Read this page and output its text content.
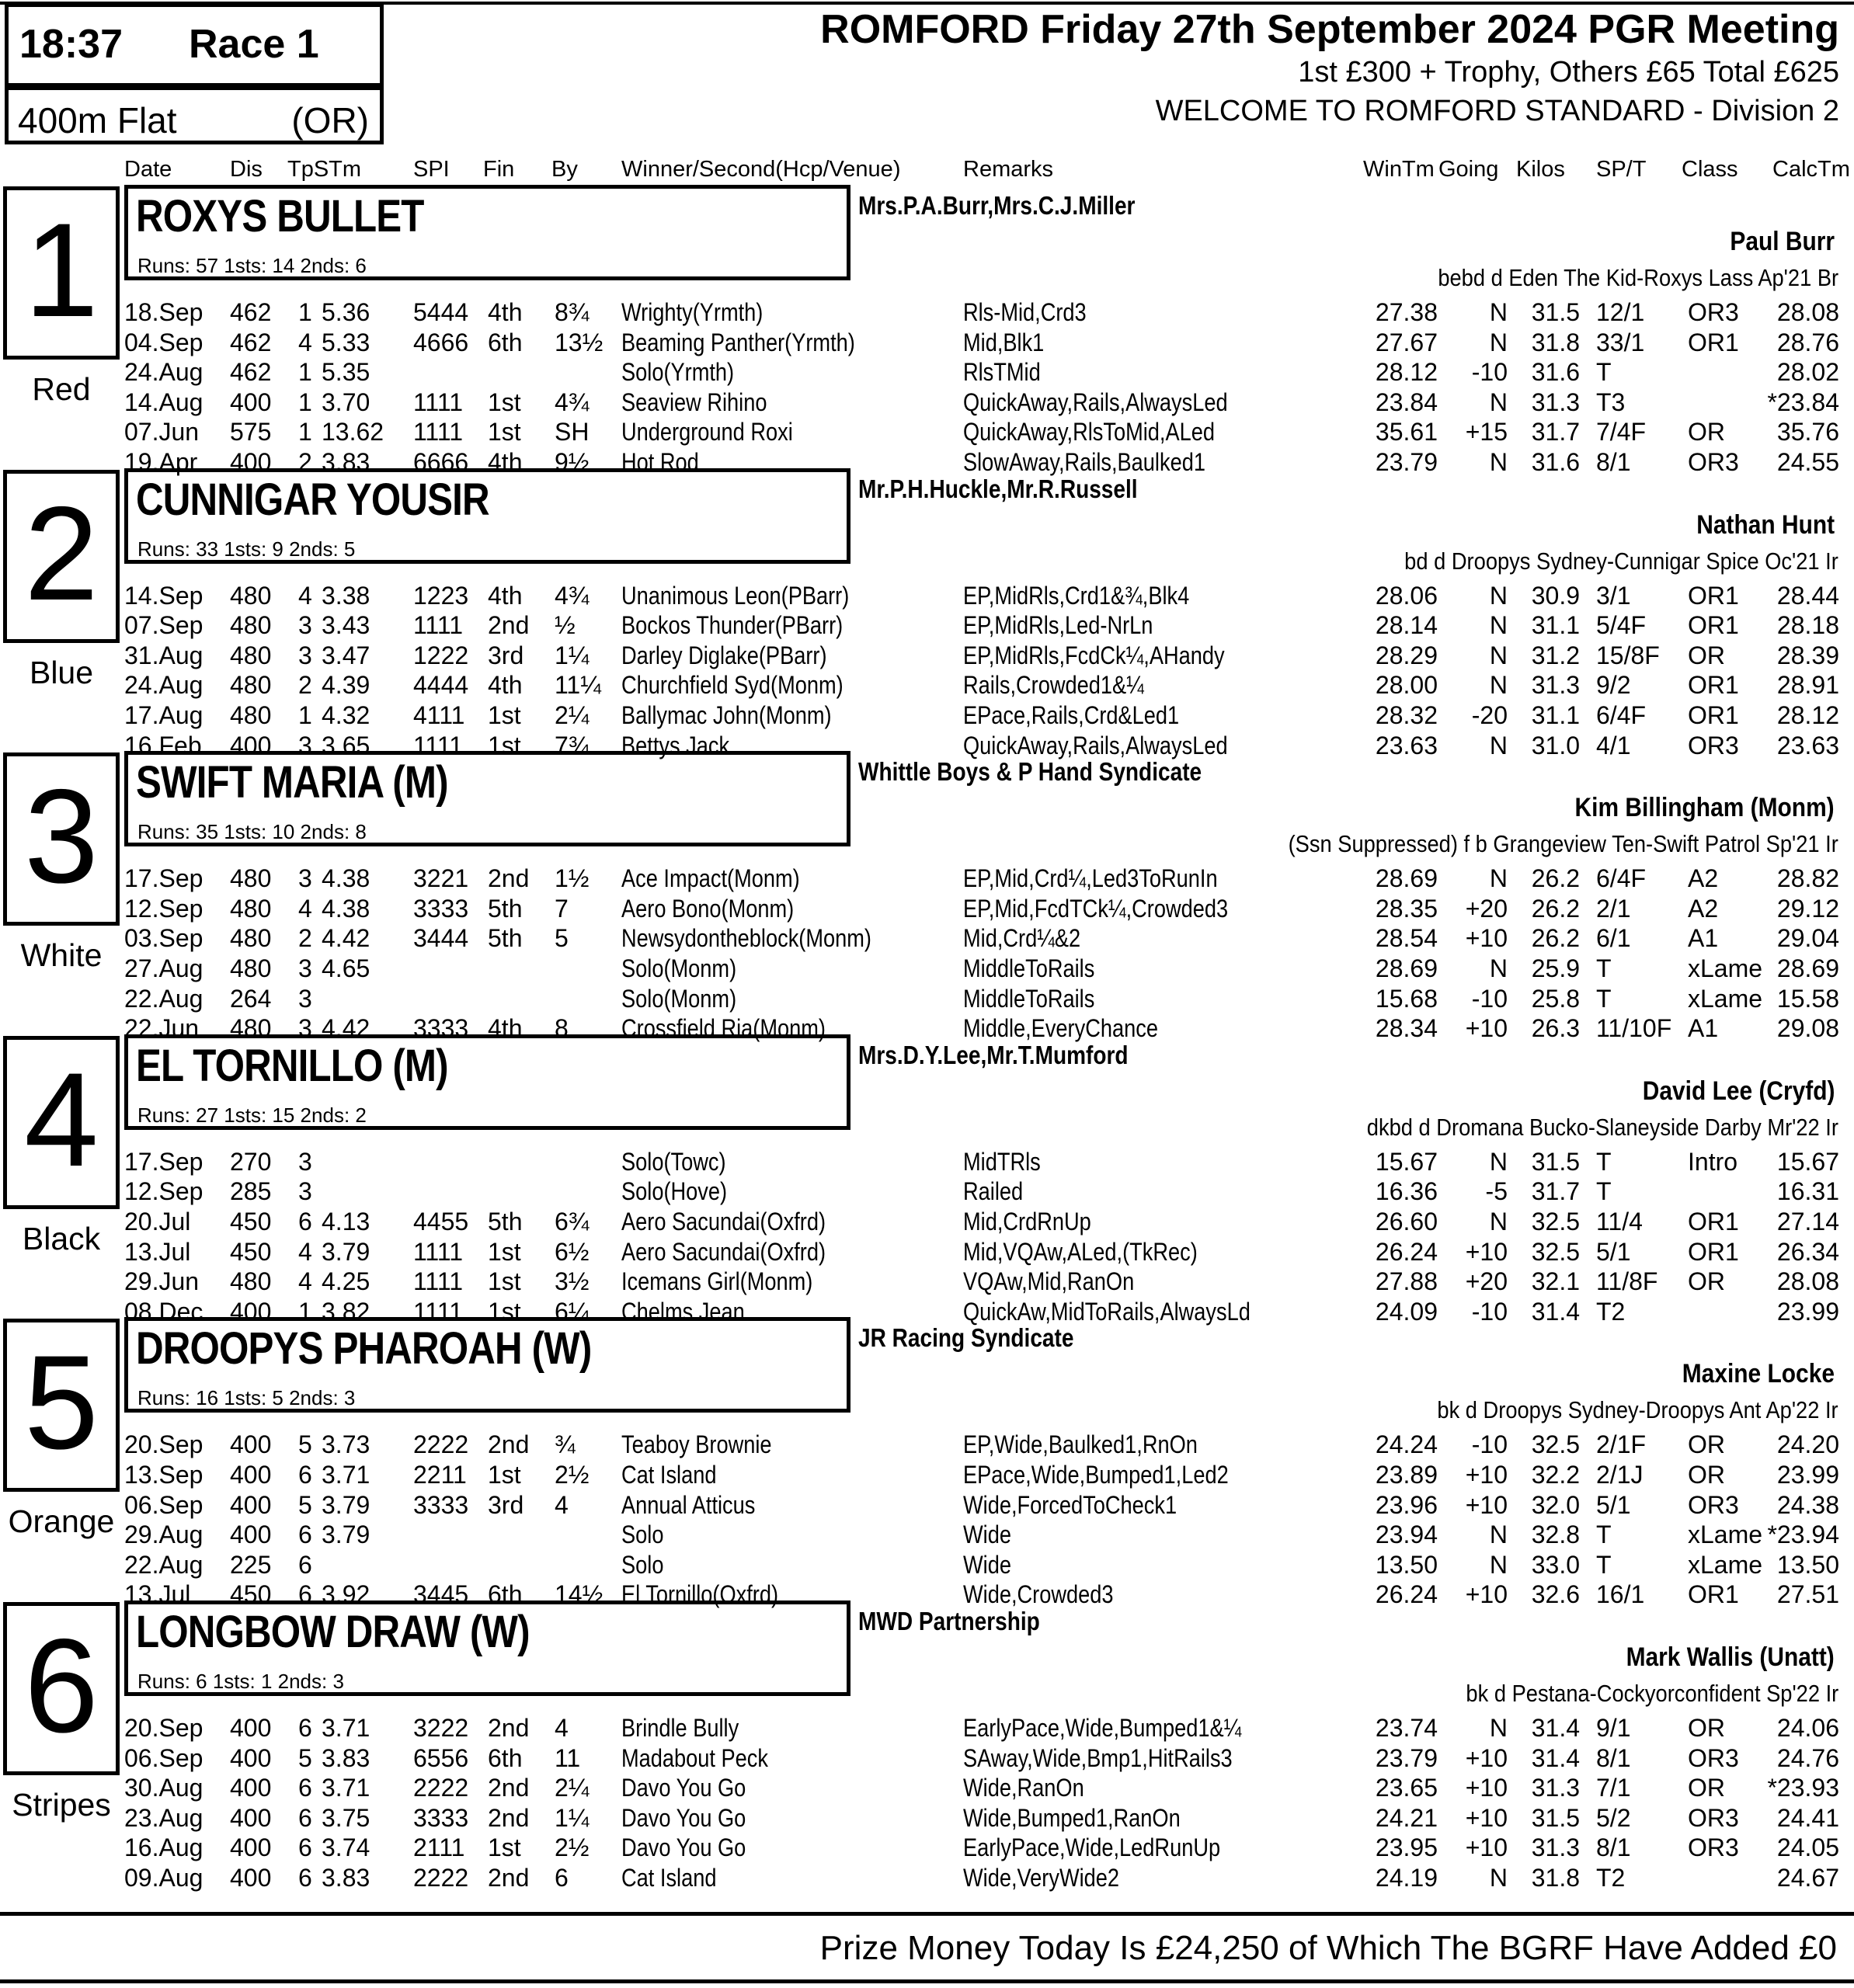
18:37 Race 1
400m Flat	(OR)
ROMFORD Friday 27th September 2024 PGR Meeting
1st £300 + Trophy, Others £65 Total £625
WELCOME TO ROMFORD STANDARD - Division 2
Date	Dis TpSTm SPI Fin By Winner/Second(Hcp/Venue)	Remarks	WinTm Going Kilos SP/T Class CalcTm
1
Red
ROXYS BULLET
Runs: 57 1sts: 14 2nds: 6
Mrs.P.A.Burr,Mrs.C.J.Miller
Paul Burr
bebd d Eden The Kid-Roxys Lass Ap'21 Br
18.Sep 462 1 5.36 5444 4th 8¾ Wrighty(Yrmth)	Rls-Mid,Crd3	27.38	N 31.5 12/1 OR3	28.08
04.Sep 462 4 5.33 4666 6th 13½ Beaming Panther(Yrmth)	Mid,Blk1	27.67	N 31.8 33/1 OR1	28.76
24.Aug 462 1 5.35	Solo(Yrmth)	RlsTMid	28.12	-10 31.6 T	28.02
14.Aug 400 1 3.70 1111 1st 4¾ Seaview Rihino	QuickAway,Rails,AlwaysLed	23.84	N 31.3 T3	*23.84
07.Jun 575 1 13.62 1111 1st SH Underground Roxi	QuickAway,RlsToMid,ALed	35.61	+15 31.7 7/4F OR	35.76
19.Apr 400 2 3.83 6666 4th 9½ Hot Rod	SlowAway,Rails,Baulked1	23.79	N 31.6 8/1 OR3	24.55
2
Blue
CUNNIGAR YOUSIR
Runs: 33 1sts: 9 2nds: 5
Mr.P.H.Huckle,Mr.R.Russell
Nathan Hunt
bd d Droopys Sydney-Cunnigar Spice Oc'21 Ir
14.Sep 480 4 3.38 1223 4th 4¾ Unanimous Leon(PBarr)	EP,MidRls,Crd1&¾,Blk4	28.06	N 30.9 3/1 OR1	28.44
07.Sep 480 3 3.43 1111 2nd ½ Bockos Thunder(PBarr)	EP,MidRls,Led-NrLn	28.14	N 31.1 5/4F OR1	28.18
31.Aug 480 3 3.47 1222 3rd 1¼ Darley Diglake(PBarr)	EP,MidRls,FcdCk¼,AHandy	28.29	N 31.2 15/8F OR	28.39
24.Aug 480 2 4.39 4444 4th 11¼ Churchfield Syd(Monm)	Rails,Crowded1&¼	28.00	N 31.3 9/2 OR1	28.91
17.Aug 480 1 4.32 4111 1st 2¼ Ballymac John(Monm)	EPace,Rails,Crd&Led1	28.32	-20 31.1 6/4F OR1	28.12
16.Feb 400 3 3.65 1111 1st 7¾ Bettys Jack	QuickAway,Rails,AlwaysLed	23.63	N 31.0 4/1 OR3	23.63
3
White
SWIFT MARIA (M)
Runs: 35 1sts: 10 2nds: 8
Whittle Boys & P Hand Syndicate
Kim Billingham (Monm)
(Ssn Suppressed) f b Grangeview Ten-Swift Patrol Sp'21 Ir
17.Sep 480 3 4.38 3221 2nd 1½ Ace Impact(Monm)	EP,Mid,Crd¼,Led3ToRunIn	28.69	N 26.2 6/4F A2	28.82
12.Sep 480 4 4.38 3333 5th 7 Aero Bono(Monm)	EP,Mid,FcdTCk¼,Crowded3	28.35	+20 26.2 2/1 A2	29.12
03.Sep 480 2 4.42 3444 5th 5 Newsydontheblock(Monm)	Mid,Crd¼&2	28.54	+10 26.2 6/1 A1	29.04
27.Aug 480 3 4.65	Solo(Monm)	MiddleToRails	28.69	N 25.9 T	xLame 28.69
22.Aug 264 3	Solo(Monm)	MiddleToRails	15.68	-10 25.8 T	xLame 15.58
22.Jun 480 3 4.42 3333 4th 8 Crossfield Ria(Monm)	Middle,EveryChance	28.34	+10 26.3 11/10F A1	29.08
4
Black
EL TORNILLO (M)
Runs: 27 1sts: 15 2nds: 2
Mrs.D.Y.Lee,Mr.T.Mumford
David Lee (Cryfd)
dkbd d Dromana Bucko-Slaneyside Darby Mr'22 Ir
17.Sep 270 3	Solo(Towc)	MidTRls	15.67	N 31.5 T	Intro	15.67
12.Sep 285 3	Solo(Hove)	Railed	16.36	-5 31.7 T	16.31
20.Jul 450 6 4.13 4455 5th 6¾ Aero Sacundai(Oxfrd)	Mid,CrdRnUp	26.60	N 32.5 11/4 OR1	27.14
13.Jul 450 4 3.79 1111 1st 6½ Aero Sacundai(Oxfrd)	Mid,VQAw,ALed,(TkRec)	26.24	+10 32.5 5/1 OR1	26.34
29.Jun 480 4 4.25 1111 1st 3½ Icemans Girl(Monm)	VQAw,Mid,RanOn	27.88	+20 32.1 11/8F OR	28.08
08.Dec 400 1 3.82 1111 1st 6¼ Chelms Jean	QuickAw,MidToRails,AlwaysLd	24.09	-10 31.4 T2	23.99
5
Orange
DROOPYS PHAROAH (W)
Runs: 16 1sts: 5 2nds: 3
JR Racing Syndicate
Maxine Locke
bk d Droopys Sydney-Droopys Ant Ap'22 Ir
20.Sep 400 5 3.73 2222 2nd ¾ Teaboy Brownie	EP,Wide,Baulked1,RnOn	24.24	-10 32.5 2/1F OR	24.20
13.Sep 400 6 3.71 2211 1st 2½ Cat Island	EPace,Wide,Bumped1,Led2	23.89	+10 32.2 2/1J OR	23.99
06.Sep 400 5 3.79 3333 3rd 4 Annual Atticus	Wide,ForcedToCheck1	23.96	+10 32.0 5/1 OR3	24.38
29.Aug 400 6 3.79	Solo	Wide	23.94	N 32.8 T	xLame *23.94
22.Aug 225 6	Solo	Wide	13.50	N 33.0 T	xLame 13.50
13.Jul 450 6 3.92 3445 6th 14½ El Tornillo(Oxfrd)	Wide,Crowded3	26.24	+10 32.6 16/1 OR1	27.51
6
Stripes
LONGBOW DRAW (W)
Runs: 6 1sts: 1 2nds: 3
MWD Partnership
Mark Wallis (Unatt)
bk d Pestana-Cockyorconfident Sp'22 Ir
20.Sep 400 6 3.71 3222 2nd 4 Brindle Bully	EarlyPace,Wide,Bumped1&¼	23.74	N 31.4 9/1 OR	24.06
06.Sep 400 5 3.83 6556 6th 11 Madabout Peck	SAway,Wide,Bmp1,HitRails3	23.79	+10 31.4 8/1 OR3	24.76
30.Aug 400 6 3.71 2222 2nd 2¼ Davo You Go	Wide,RanOn	23.65	+10 31.3 7/1 OR	*23.93
23.Aug 400 6 3.75 3333 2nd 1¼ Davo You Go	Wide,Bumped1,RanOn	24.21	+10 31.5 5/2 OR3	24.41
16.Aug 400 6 3.74 2111 1st 2½ Davo You Go	EarlyPace,Wide,LedRunUp	23.95	+10 31.3 8/1 OR3	24.05
09.Aug 400 6 3.83 2222 2nd 6 Cat Island	Wide,VeryWide2	24.19	N 31.8 T2	24.67
Prize Money Today Is £24,250 of Which The BGRF Have Added £0
